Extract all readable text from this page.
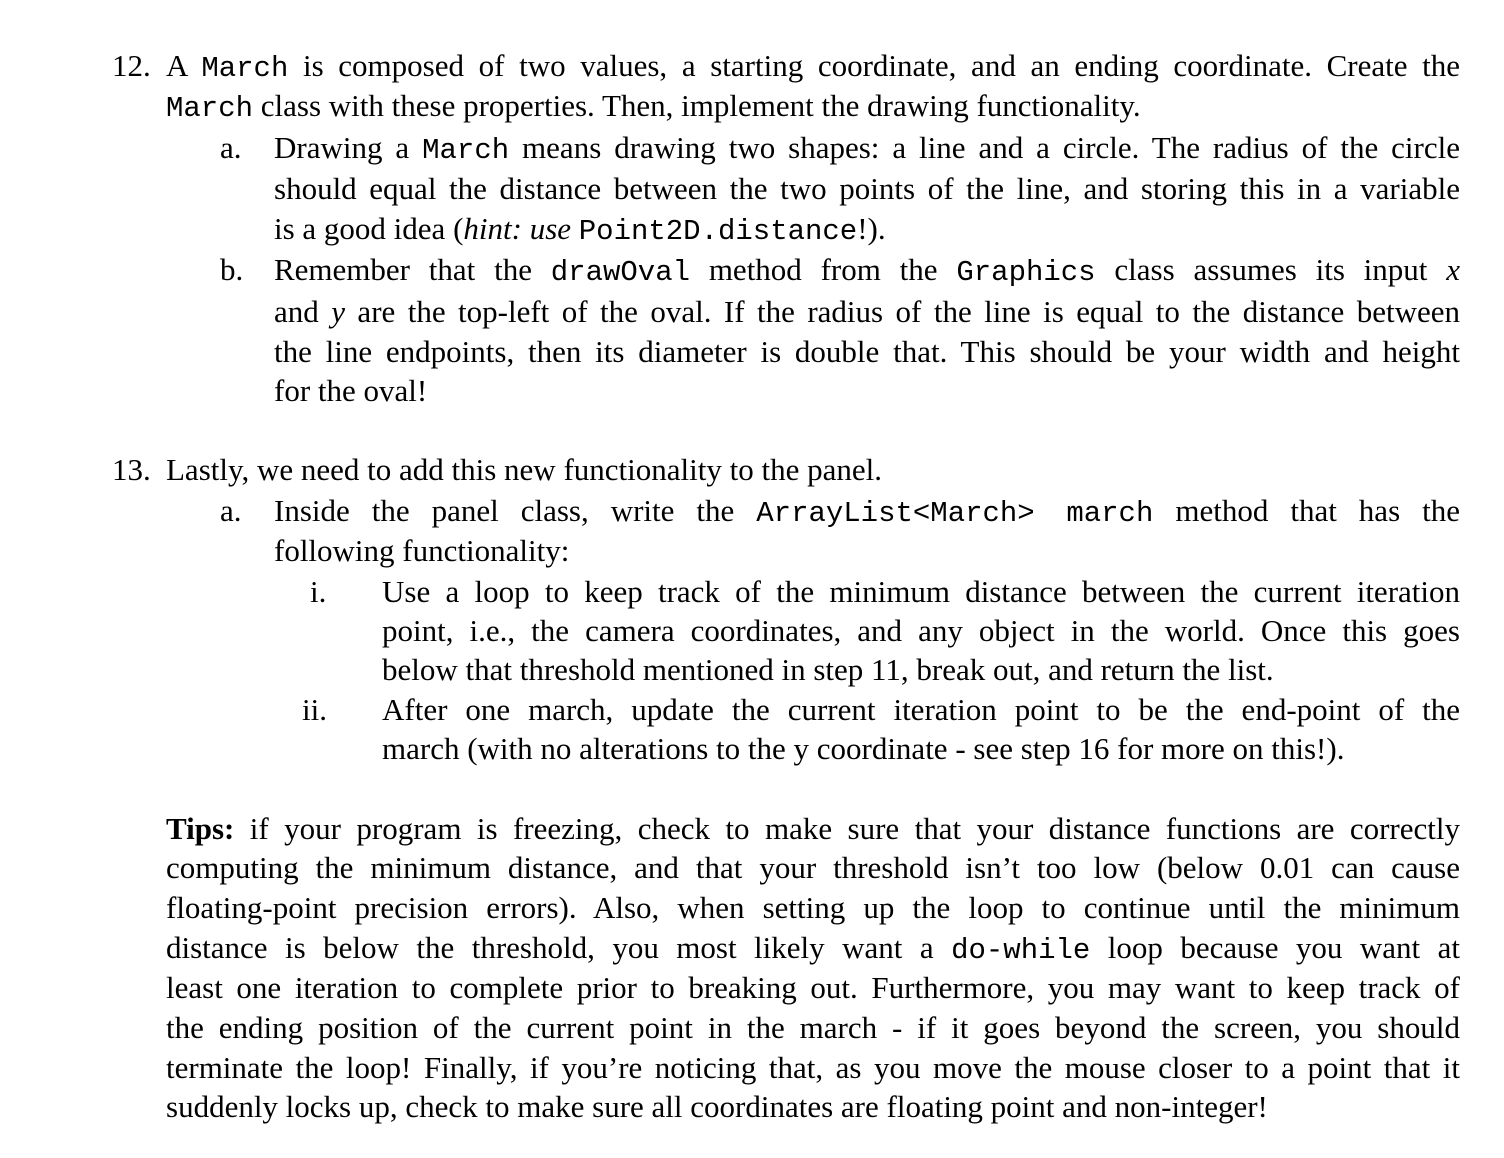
12. A March is composed of two values, a starting coordinate, and an ending coordinate. Create the
March class with these properties. Then, implement the drawing functionality.
a. Drawing a March means drawing two shapes: a line and a circle. The radius of the circle
should equal the distance between the two points of the line, and storing this in a variable
is a good idea (hint: use Point2D.distance!).
b. Remember that the drawOval method from the Graphics class assumes its input x
and y are the top-left of the oval. If the radius of the line is equal to the distance between
the line endpoints, then its diameter is double that. This should be your width and height
for the oval!
13. Lastly, we need to add this new functionality to the panel.
a. Inside the panel class, write the ArrayList<March> march method that has the
following functionality:
i. Use a loop to keep track of the minimum distance between the current iteration
point, i.e., the camera coordinates, and any object in the world. Once this goes
below that threshold mentioned in step 11, break out, and return the list.
ii. After one march, update the current iteration point to be the end-point of the
march (with no alterations to the y coordinate - see step 16 for more on this!).
Tips: if your program is freezing, check to make sure that your distance functions are correctly
computing the minimum distance, and that your threshold isn’t too low (below 0.01 can cause
floating-point precision errors). Also, when setting up the loop to continue until the minimum
distance is below the threshold, you most likely want a do-while loop because you want at
least one iteration to complete prior to breaking out. Furthermore, you may want to keep track of
the ending position of the current point in the march - if it goes beyond the screen, you should
terminate the loop! Finally, if you’re noticing that, as you move the mouse closer to a point that it
suddenly locks up, check to make sure all coordinates are floating point and non-integer!
